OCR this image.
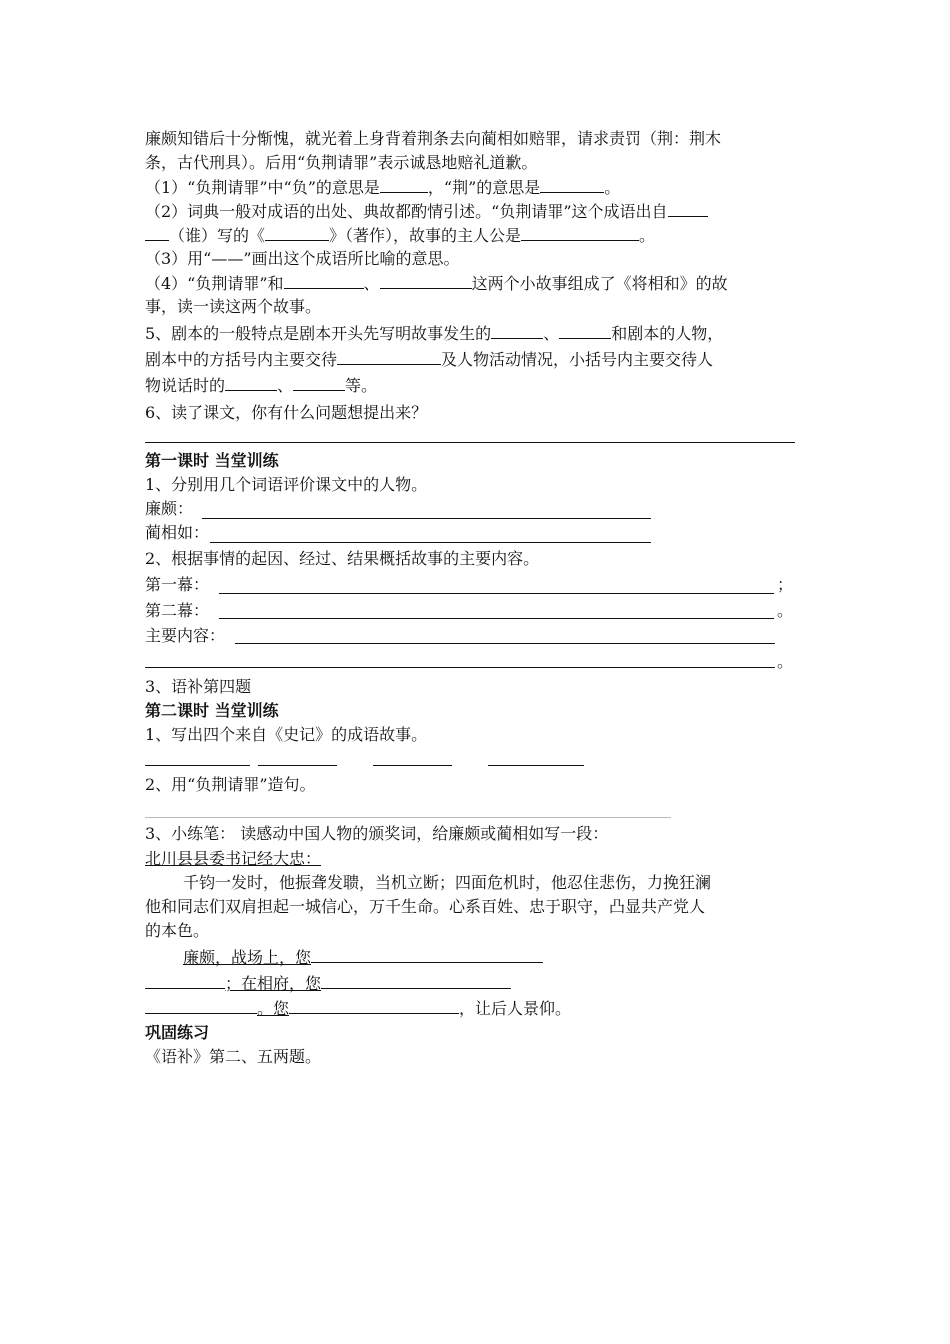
廉颇知错后十分惭愧，就光着上身背着荆条去向蔺相如赔罪，请求责罚（荆：荆木
条，古代刑具）。后用“负荆请罪”表示诚恳地赔礼道歉。
（1）“负荆请罪”中“负”的意思是	，“荆”的意思是	。
（2）词典一般对成语的出处、典故都酌情引述。“负荆请罪”这个成语出自
（谁）写的《	》（著作），故事的主人公是	。
（3）用“——”画出这个成语所比喻的意思。
（4）“负荆请罪”和	、	这两个小故事组成了《将相和》的故
事，读一读这两个故事。
5、剧本的一般特点是剧本开头先写明故事发生的	、	和剧本的人物，
剧本中的方括号内主要交待	及人物活动情况，小括号内主要交待人
物说话时的	、	等。
6、读了课文，你有什么问题想提出来？
第一课时 当堂训练
1、分别用几个词语评价课文中的人物。
廉颇：
蔺相如：
2、根据事情的起因、经过、结果概括故事的主要内容。
第一幕：	；
第二幕：	。
主要内容：
。
3、语补第四题
第二课时 当堂训练
1、写出四个来自《史记》的成语故事。
2、用“负荆请罪”造句。
3、小练笔： 读感动中国人物的颁奖词，给廉颇或蔺相如写一段：
北川县县委书记经大忠：
千钧一发时，他振聋发聩，当机立断；四面危机时，他忍住悲伤，力挽狂澜
他和同志们双肩担起一城信心，万千生命。心系百姓、忠于职守，凸显共产党人
的本色。
廉颇，战场上，您
；在相府，您
。您	，让后人景仰。
巩固练习
《语补》第二、五两题。
